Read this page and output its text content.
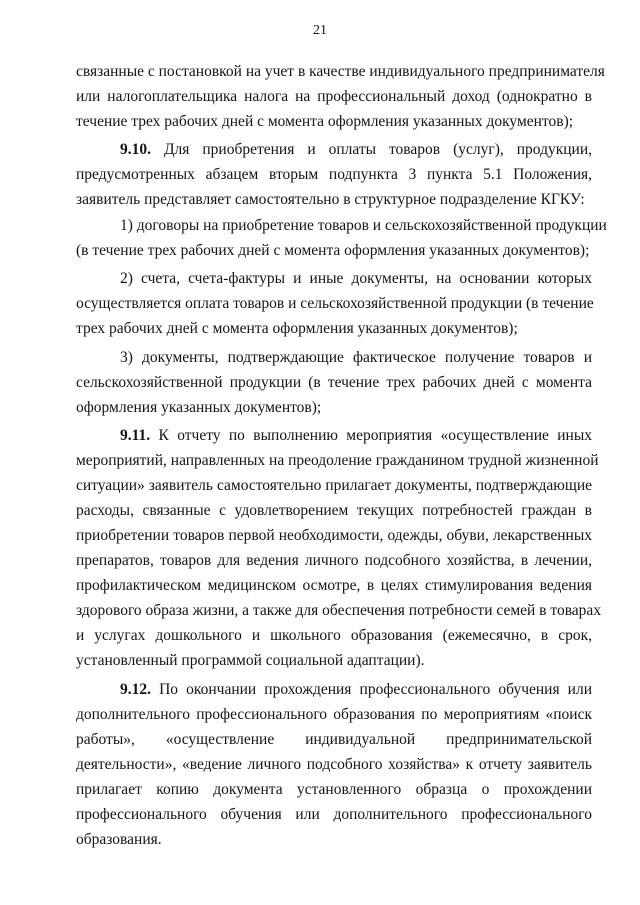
21
связанные с постановкой на учет в качестве индивидуального предпринимателя
или налогоплательщика налога на профессиональный доход (однократно в
течение трех рабочих дней с момента оформления указанных документов);
9.10. Для приобретения и оплаты товаров (услуг), продукции,
предусмотренных абзацем вторым подпункта 3 пункта 5.1 Положения,
заявитель представляет самостоятельно в структурное подразделение КГКУ:
1) договоры на приобретение товаров и сельскохозяйственной продукции
(в течение трех рабочих дней с момента оформления указанных документов);
2) счета, счета-фактуры и иные документы, на основании которых
осуществляется оплата товаров и сельскохозяйственной продукции (в течение
трех рабочих дней с момента оформления указанных документов);
3) документы, подтверждающие фактическое получение товаров и
сельскохозяйственной продукции (в течение трех рабочих дней с момента
оформления указанных документов);
9.11. К отчету по выполнению мероприятия «осуществление иных
мероприятий, направленных на преодоление гражданином трудной жизненной
ситуации» заявитель самостоятельно прилагает документы, подтверждающие
расходы, связанные с удовлетворением текущих потребностей граждан в
приобретении товаров первой необходимости, одежды, обуви, лекарственных
препаратов, товаров для ведения личного подсобного хозяйства, в лечении,
профилактическом медицинском осмотре, в целях стимулирования ведения
здорового образа жизни, а также для обеспечения потребности семей в товарах
и услугах дошкольного и школьного образования (ежемесячно, в срок,
установленный программой социальной адаптации).
9.12. По окончании прохождения профессионального обучения или
дополнительного профессионального образования по мероприятиям «поиск
работы», «осуществление индивидуальной предпринимательской
деятельности», «ведение личного подсобного хозяйства» к отчету заявитель
прилагает копию документа установленного образца о прохождении
профессионального обучения или дополнительного профессионального
образования.
